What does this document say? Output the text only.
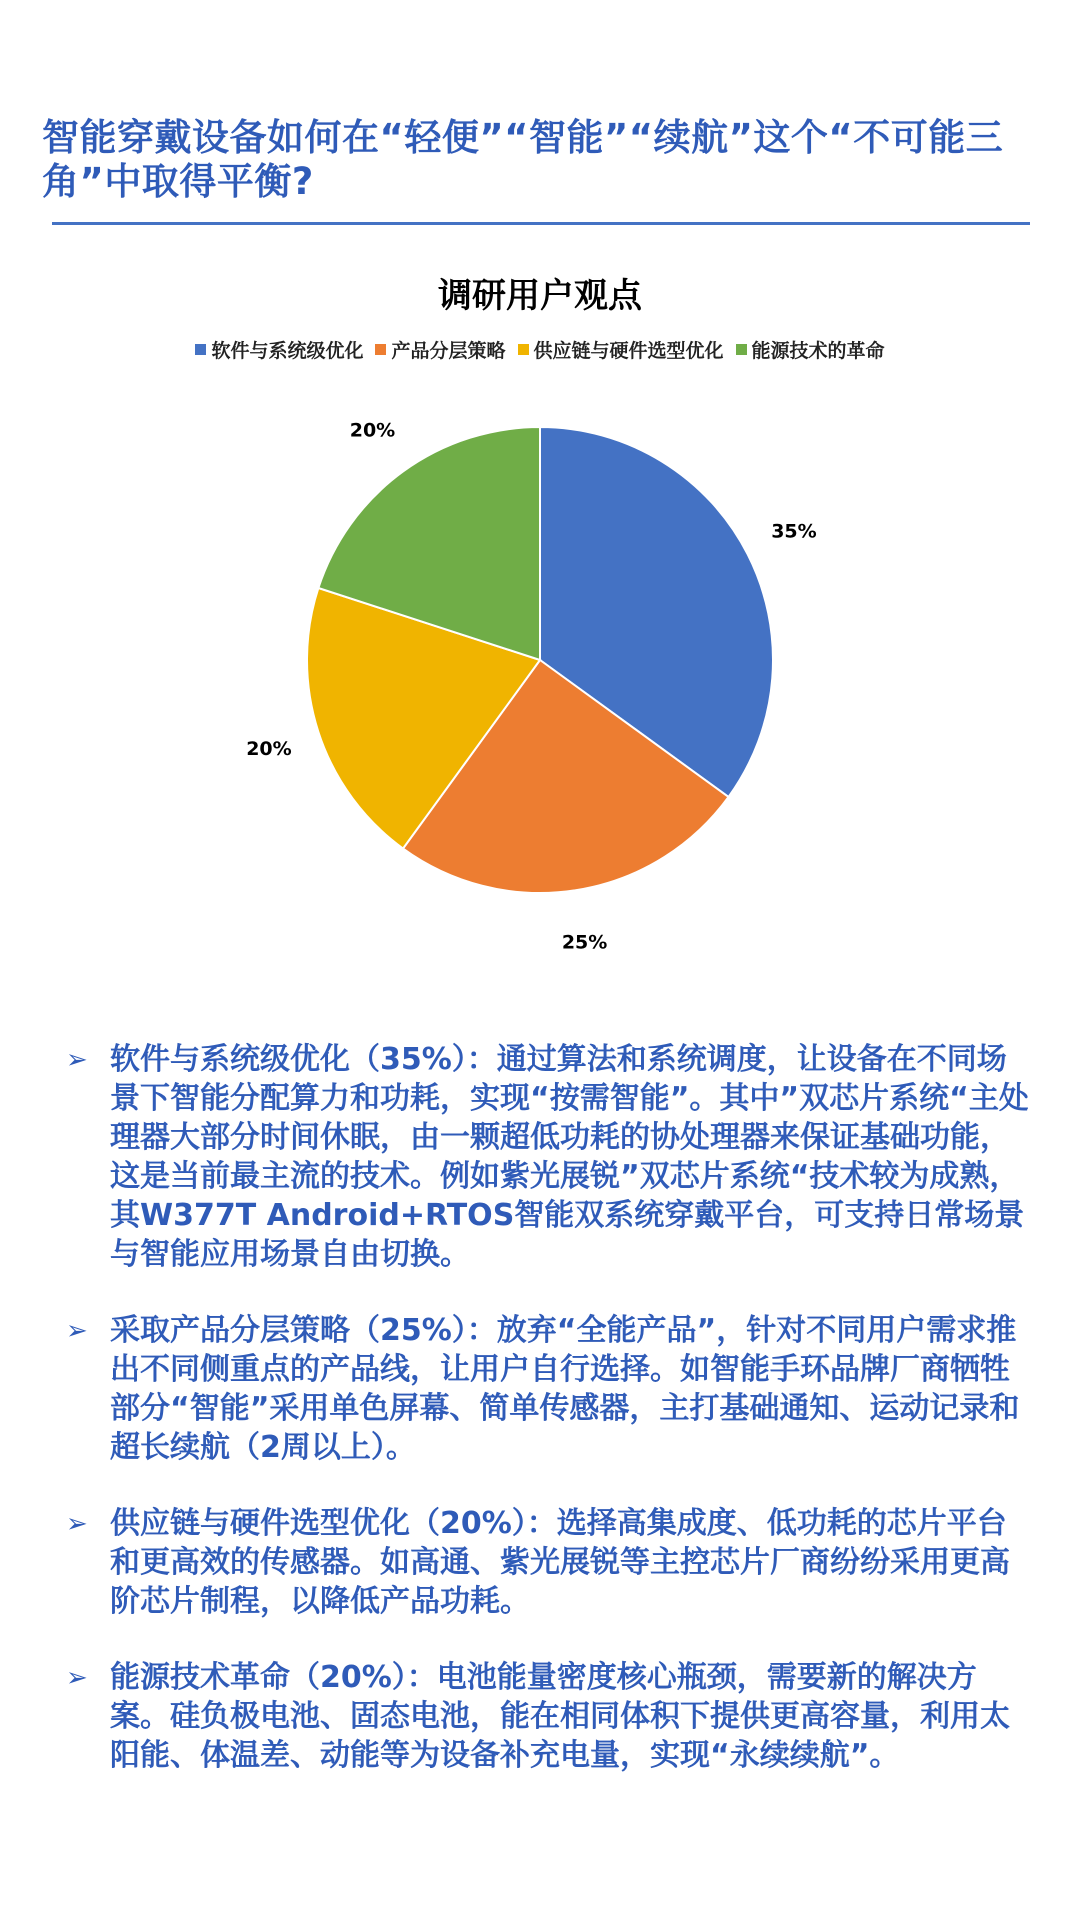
智能穿戴设备如何在“轻便”“智能”“续航”这个“不可能三角”中取得平衡?
调研用户观点
软件与系统级优化 产品分层策略 供应链与硬件选型优化 能源技术的革命
35%
25%
20%
20%
➢ 软件与系统级优化（35%）：通过算法和系统调度，让设备在不同场景下智能分配算力和功耗，实现“按需智能”。其中”双芯片系统“主处理器大部分时间休眠，由一颗超低功耗的协处理器来保证基础功能，这是当前最主流的技术。例如紫光展锐”双芯片系统“技术较为成熟，其W377T Android+RTOS智能双系统穿戴平台，可支持日常场景与智能应用场景自由切换。
➢ 采取产品分层策略（25%）：放弃“全能产品”，针对不同用户需求推出不同侧重点的产品线，让用户自行选择。如智能手环品牌厂商牺牲部分“智能”采用单色屏幕、简单传感器，主打基础通知、运动记录和超长续航（2周以上）。
➢ 供应链与硬件选型优化（20%）：选择高集成度、低功耗的芯片平台和更高效的传感器。如高通、紫光展锐等主控芯片厂商纷纷采用更高阶芯片制程，以降低产品功耗。
➢ 能源技术革命（20%）：电池能量密度核心瓶颈，需要新的解决方案。硅负极电池、固态电池，能在相同体积下提供更高容量，利用太阳能、体温差、动能等为设备补充电量，实现“永续续航”。
